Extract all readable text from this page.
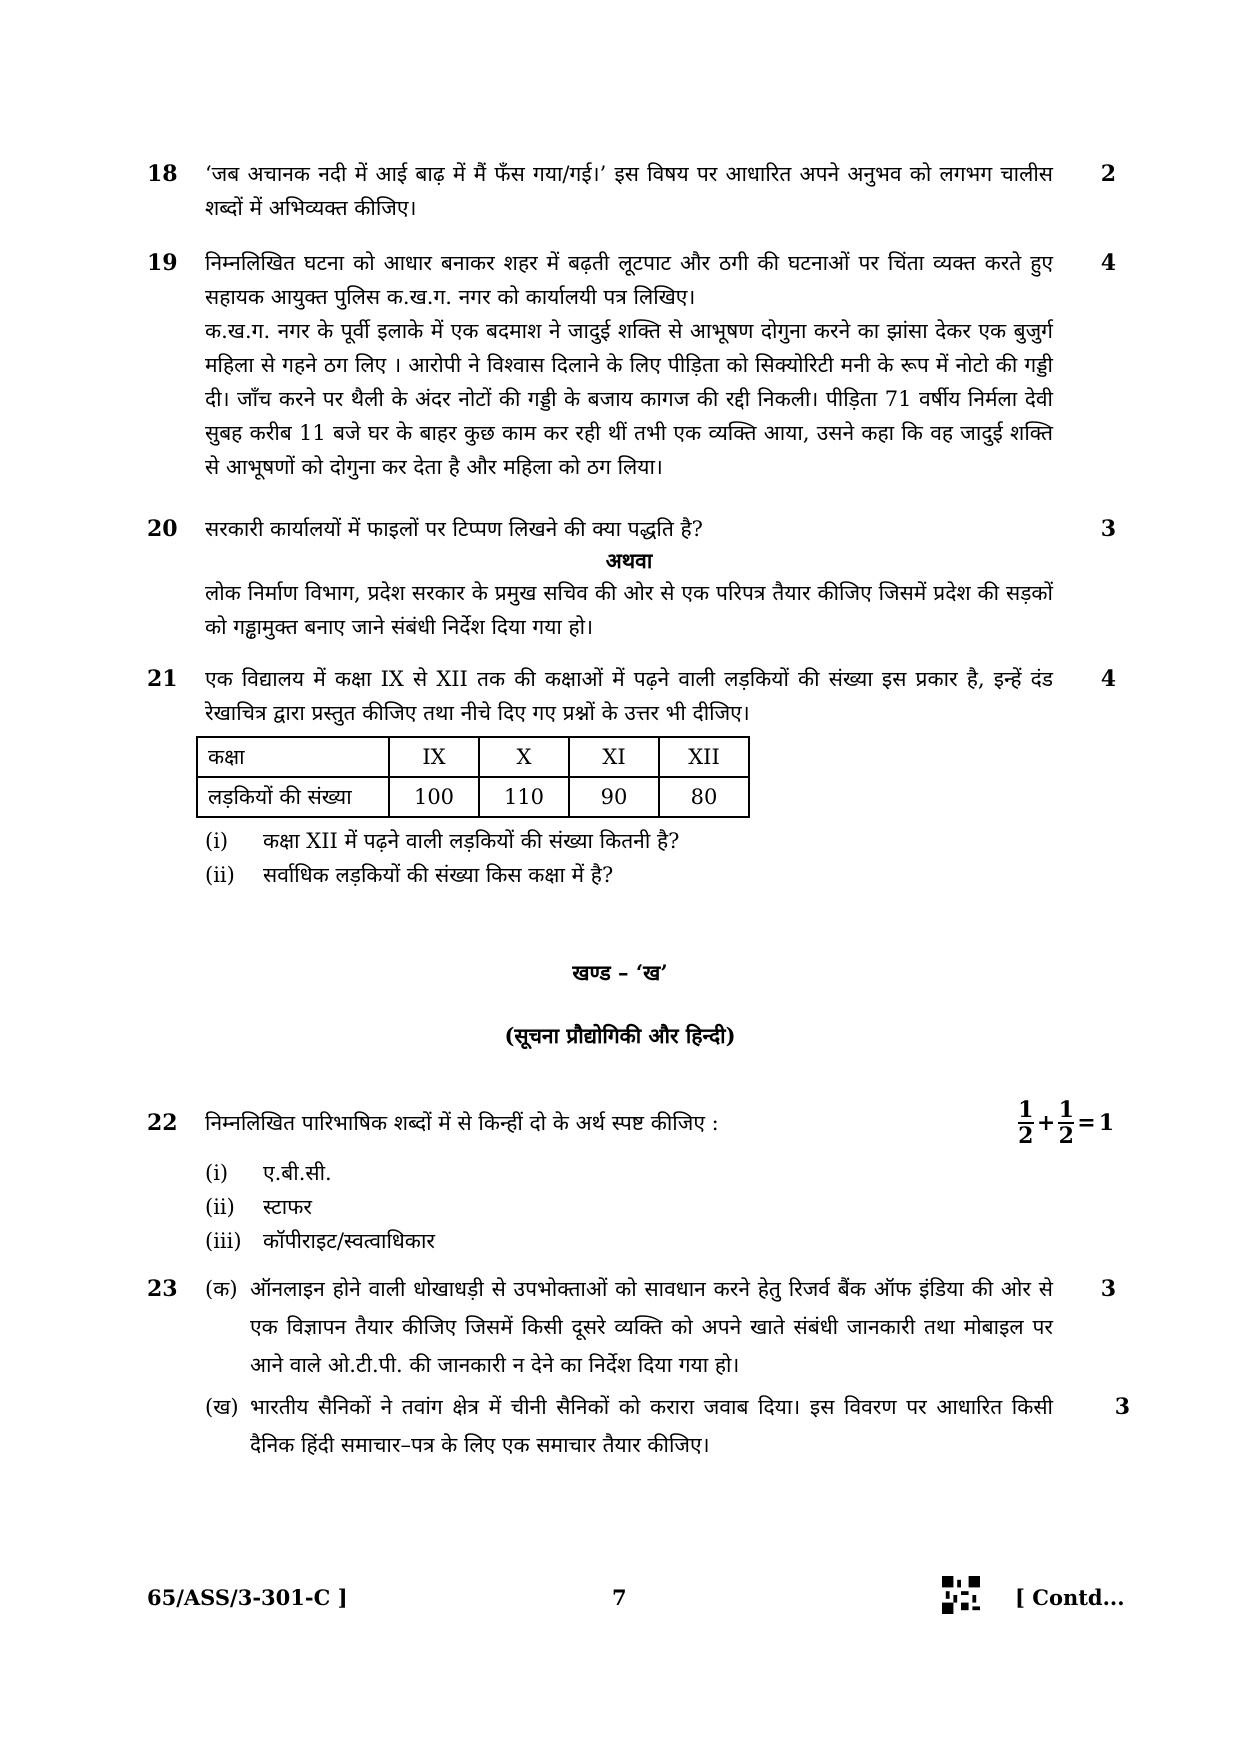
18 ‘जब अचानक नदी में आई बाढ़ में मैं फँस गया/गई।’ इस विषय पर आधारित अपने अनुभव को लगभग चालीस शब्दों में अभिव्यक्त कीजिए।
2
19 निम्नलिखित घटना को आधार बनाकर शहर में बढ़ती लूटपाट और ठगी की घटनाओं पर चिंता व्यक्त करते हुए सहायक आयुक्त पुलिस क.ख.ग. नगर को कार्यालयी पत्र लिखिए।
क.ख.ग. नगर के पूर्वी इलाके में एक बदमाश ने जादुई शक्ति से आभूषण दोगुना करने का झांसा देकर एक बुजुर्ग महिला से गहने ठग लिए । आरोपी ने विश्वास दिलाने के लिए पीड़िता को सिक्योरिटी मनी के रूप में नोटो की गड्डी दी। जाँच करने पर थैली के अंदर नोटों की गड्डी के बजाय कागज की रद्दी निकली। पीड़िता 71 वर्षीय निर्मला देवी सुबह करीब 11 बजे घर के बाहर कुछ काम कर रही थीं तभी एक व्यक्ति आया, उसने कहा कि वह जादुई शक्ति से आभूषणों को दोगुना कर देता है और महिला को ठग लिया।
4
20 सरकारी कार्यालयों में फाइलों पर टिप्पण लिखने की क्या पद्धति है?
अथवा
लोक निर्माण विभाग, प्रदेश सरकार के प्रमुख सचिव की ओर से एक परिपत्र तैयार कीजिए जिसमें प्रदेश की सड़कों को गड्ढामुक्त बनाए जाने संबंधी निर्देश दिया गया हो।
3
21 एक विद्यालय में कक्षा IX से XII तक की कक्षाओं में पढ़ने वाली लड़कियों की संख्या इस प्रकार है, इन्हें दंड रेखाचित्र द्वारा प्रस्तुत कीजिए तथा नीचे दिए गए प्रश्नों के उत्तर भी दीजिए।
4
कक्षा	IX	X	XI	XII
लड़कियों की संख्या	100	110	90	80
(i)	कक्षा XII में पढ़ने वाली लड़कियों की संख्या कितनी है?
(ii)	सर्वाधिक लड़कियों की संख्या किस कक्षा में है?
खण्ड – ‘ख’
(सूचना प्रौद्योगिकी और हिन्दी)
22 निम्नलिखित पारिभाषिक शब्दों में से किन्हीं दो के अर्थ स्पष्ट कीजिए :	1
2 + 1
2 = 1
(i)	ए.बी.सी.
(ii)	स्टाफर
(iii)	कॉपीराइट/स्वत्वाधिकार
23 (क) ऑनलाइन होने वाली धोखाधड़ी से उपभोक्ताओं को सावधान करने हेतु रिजर्व बैंक ऑफ इंडिया की ओर से एक विज्ञापन तैयार कीजिए जिसमें किसी दूसरे व्यक्ति को अपने खाते संबंधी जानकारी तथा मोबाइल पर आने वाले ओ.टी.पी. की जानकारी न देने का निर्देश दिया गया हो।
3
(ख) भारतीय सैनिकों ने तवांग क्षेत्र में चीनी सैनिकों को करारा जवाब दिया। इस विवरण पर आधारित किसी दैनिक हिंदी समाचार–पत्र के लिए एक समाचार तैयार कीजिए।
3
65/ASS/3-301-C ]	7	[ Contd...
